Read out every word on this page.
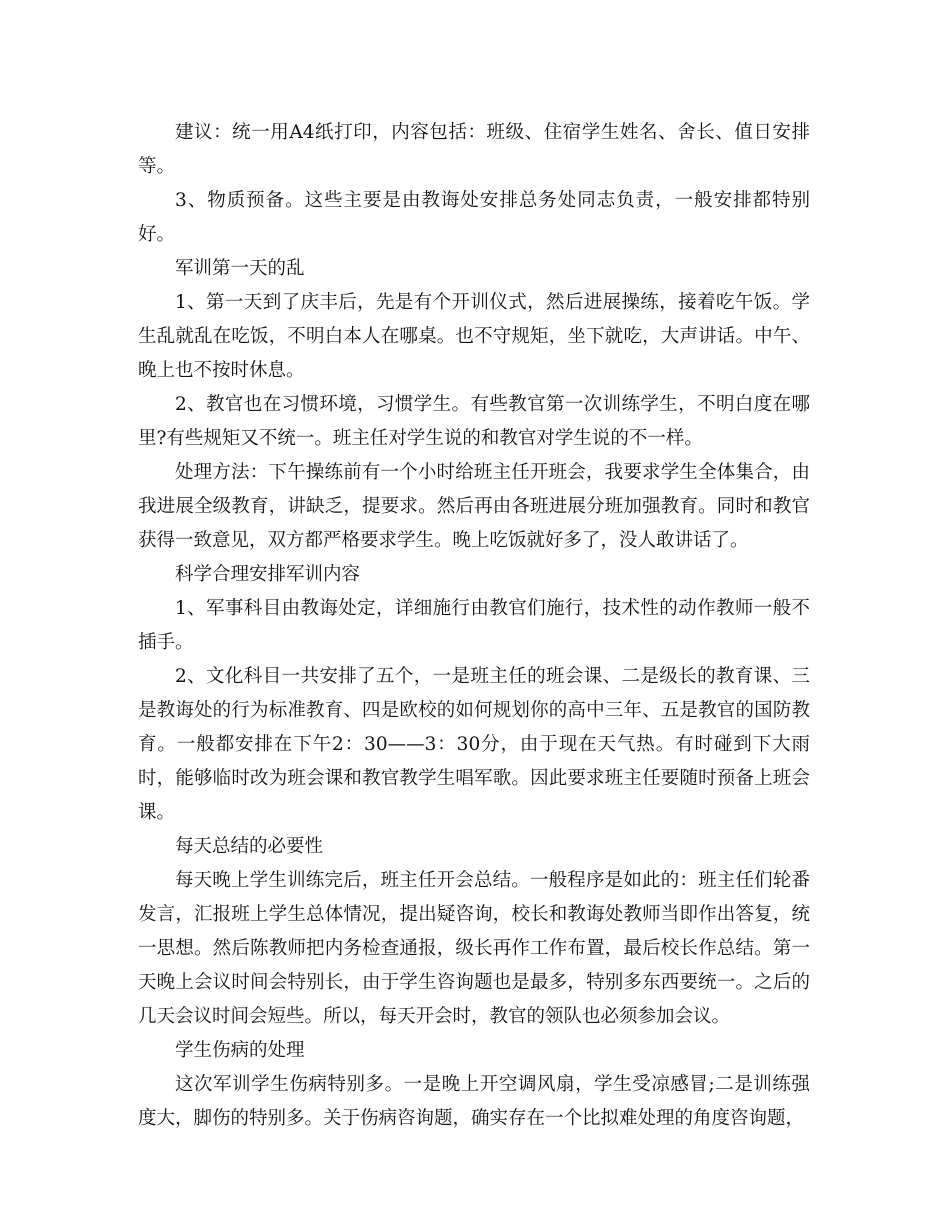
建议：统一用A4纸打印，内容包括：班级、住宿学生姓名、舍长、值日安排等。

3、物质预备。这些主要是由教诲处安排总务处同志负责，一般安排都特别好。

军训第一天的乱

1、第一天到了庆丰后，先是有个开训仪式，然后进展操练，接着吃午饭。学生乱就乱在吃饭，不明白本人在哪桌。也不守规矩，坐下就吃，大声讲话。中午、晚上也不按时休息。

2、教官也在习惯环境，习惯学生。有些教官第一次训练学生，不明白度在哪里?有些规矩又不统一。班主任对学生说的和教官对学生说的不一样。

处理方法：下午操练前有一个小时给班主任开班会，我要求学生全体集合，由我进展全级教育，讲缺乏，提要求。然后再由各班进展分班加强教育。同时和教官获得一致意见，双方都严格要求学生。晚上吃饭就好多了，没人敢讲话了。

科学合理安排军训内容

1、军事科目由教诲处定，详细施行由教官们施行，技术性的动作教师一般不插手。

2、文化科目一共安排了五个，一是班主任的班会课、二是级长的教育课、三是教诲处的行为标准教育、四是欧校的如何规划你的高中三年、五是教官的国防教育。一般都安排在下午2：30——3：30分，由于现在天气热。有时碰到下大雨时，能够临时改为班会课和教官教学生唱军歌。因此要求班主任要随时预备上班会课。

每天总结的必要性

每天晚上学生训练完后，班主任开会总结。一般程序是如此的：班主任们轮番发言，汇报班上学生总体情况，提出疑咨询，校长和教诲处教师当即作出答复，统一思想。然后陈教师把内务检查通报，级长再作工作布置，最后校长作总结。第一天晚上会议时间会特别长，由于学生咨询题也是最多，特别多东西要统一。之后的几天会议时间会短些。所以，每天开会时，教官的领队也必须参加会议。

学生伤病的处理

这次军训学生伤病特别多。一是晚上开空调风扇，学生受凉感冒;二是训练强度大，脚伤的特别多。关于伤病咨询题，确实存在一个比拟难处理的角度咨询题，
